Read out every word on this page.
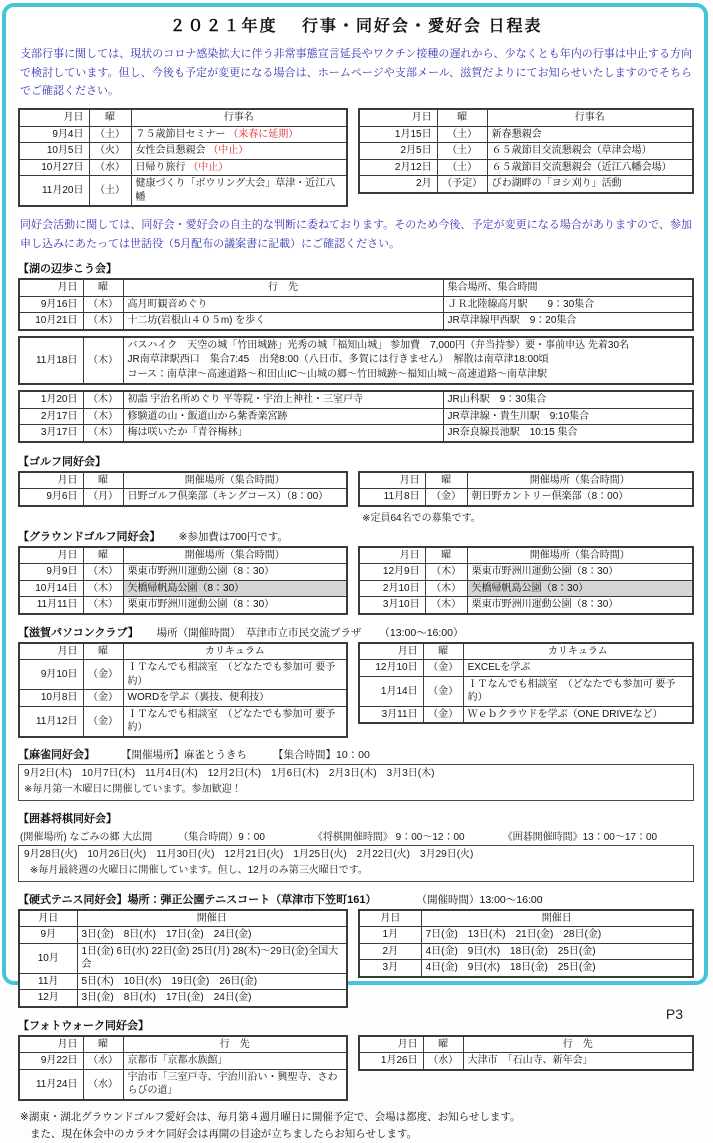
２０２１年度　 行事・同好会・愛好会 日程表

支部行事に関しては、現状のコロナ感染拡大に伴う非常事態宣言延長やワクチン接種の遅れから、少なくとも年内の行事は中止する方向で検討しています。但し、今後も予定が変更になる場合は、ホームページや支部メール、滋賀だよりにてお知らせいたしますのでそちらでご確認ください。

月日	曜	行事名
9月4日	（土）	７５歳節目セミナー （来春に延期）
10月5日	（火）	女性会員懇親会 （中止）
10月27日	（水）	日帰り旅行 （中止）
11月20日	（土）	健康づくり「ボウリング大会」草津・近江八幡
月日	曜	行事名
1月15日	（土）	新春懇親会
2月5日	（土）	６５歳節目交流懇親会（草津会場）
2月12日	（土）	６５歳節目交流懇親会（近江八幡会場）
2月	（予定）	びわ湖畔の「ヨシ刈り」活動

同好会活動に関しては、同好会・愛好会の自主的な判断に委ねております。そのため今後、予定が変更になる場合がありますので、参加申し込みにあたっては世話役（5月配布の議案書に記載）にご確認ください。

【湖の辺歩こう会】
月日	曜	行　先	集合場所、集合時間
9月16日	（木）	高月町観音めぐり	ＪＲ北陸線高月駅　　9：30集合
10月21日	（木）	十二坊(岩根山４０５m) を歩く	JR草津線甲西駅　9：20集合
11月18日	（木）	
バスハイク　天空の城「竹田城跡」光秀の城「福知山城」 参加費　7,000円（弁当持参）要・事前申込 先着30名
JR南草津駅西口　集合7:45　出発8:00（八日市、多賀には行きません）　解散は南草津18:00頃
コース：南草津～高速道路～和田山IC～山城の郷～竹田城跡～福知山城～高速道路～南草津駅
1月20日	（木）	初詣 宇治名所めぐり 平等院・宇治上神社・三室戸寺	JR山科駅　9：30集合
2月17日	（木）	修験道の山・飯道山から紫香楽宮跡	JR草津線・貴生川駅　9:10集合
3月17日	（木）	梅は咲いたか「青谷梅林」	JR奈良線長池駅　10:15 集合
【ゴルフ同好会】
月日	曜	開催場所（集合時間）
9月6日	（月）	日野ゴルフ倶楽部（キングコース）（8：00）
月日	曜	開催場所（集合時間）
11月8日	（金）	朝日野カントリー倶楽部（8：00）
※定員64名での募集です。
【グラウンドゴルフ同好会】 ※参加費は700円です。
月日	曜	開催場所（集合時間）
9月9日	（木）	栗東市野洲川運動公園（8：30）
10月14日	（木）	矢橋帰帆島公園（8：30）
11月11日	（木）	栗東市野洲川運動公園（8：30）
月日	曜	開催場所（集合時間）
12月9日	（木）	栗東市野洲川運動公園（8：30）
2月10日	（木）	矢橋帰帆島公園（8：30）
3月10日	（木）	栗東市野洲川運動公園（8：30）
【滋賀パソコンクラブ】 場所（開催時間）　草津市立市民交流プラザ （13:00～16:00）
月日	曜	カリキュラム
9月10日	（金）	ＩＴなんでも相談室　（どなたでも参加可 要予約）
10月8日	（金）	WORDを学ぶ（裏技、便利技）
11月12日	（金）	ＩＴなんでも相談室　（どなたでも参加可 要予約）
月日	曜	カリキュラム
12月10日	（金）	EXCELを学ぶ
1月14日	（金）	ＩＴなんでも相談室　（どなたでも参加可 要予約）
3月11日	（金）	Ｗｅｂクラウドを学ぶ（ONE DRIVEなど）
【麻雀同好会】 【開催場所】麻雀とうきち 【集合時間】10：00
9月2日(木)　10月7日(木)　11月4日(木)　12月2日(木)　1月6日(木)　2月3日(木)　3月3日(木)
※毎月第一木曜日に開催しています。参加歓迎！
【囲碁将棋同好会】
(開催場所) なごみの郷 大広間	（集合時間）9：00	《将棋開催時間》 9：00～12：00	《囲碁開催時間》13：00～17：00
9月28日(火)　10月26日(火)　11月30日(火)　12月21日(火)　1月25日(火)　2月22日(火)　3月29日(火)
※毎月最終週の火曜日に開催しています。但し、12月のみ第三火曜日です。
【硬式テニス同好会】場所：弾正公園テニスコート（草津市下笠町161）	（開催時間）13:00～16:00
月日	開催日
9月	3日(金)　8日(水)　17日(金)　24日(金)
10月	1日(金) 6日(水) 22日(金) 25日(月) 28(木)～29日(金)全国大会
11月	5日(木)　10日(水)　19日(金)　26日(金)
12月	3日(金)　8日(水)　17日(金)　24日(金)
月日	開催日
1月	7日(金)　13日(木)　21日(金)　28日(金)
2月	4日(金)　9日(水)　18日(金)　25日(金)
3月	4日(金)　9日(水)　18日(金)　25日(金)
【フォトウォーク同好会】
月日	曜	行　先
9月22日	（水）	京都市「京都水族館」
11月24日	（水）	宇治市「三室戸寺、宇治川沿い・興聖寺、さわらびの道」
月日	曜	行　先
1月26日	（水）	大津市　「石山寺、新年会」
※湖東・湖北グラウンドゴルフ愛好会は、毎月第４週月曜日に開催予定で、会場は都度、お知らせします。
また、現在休会中のカラオケ同好会は再開の目途が立ちましたらお知らせします。
P3
